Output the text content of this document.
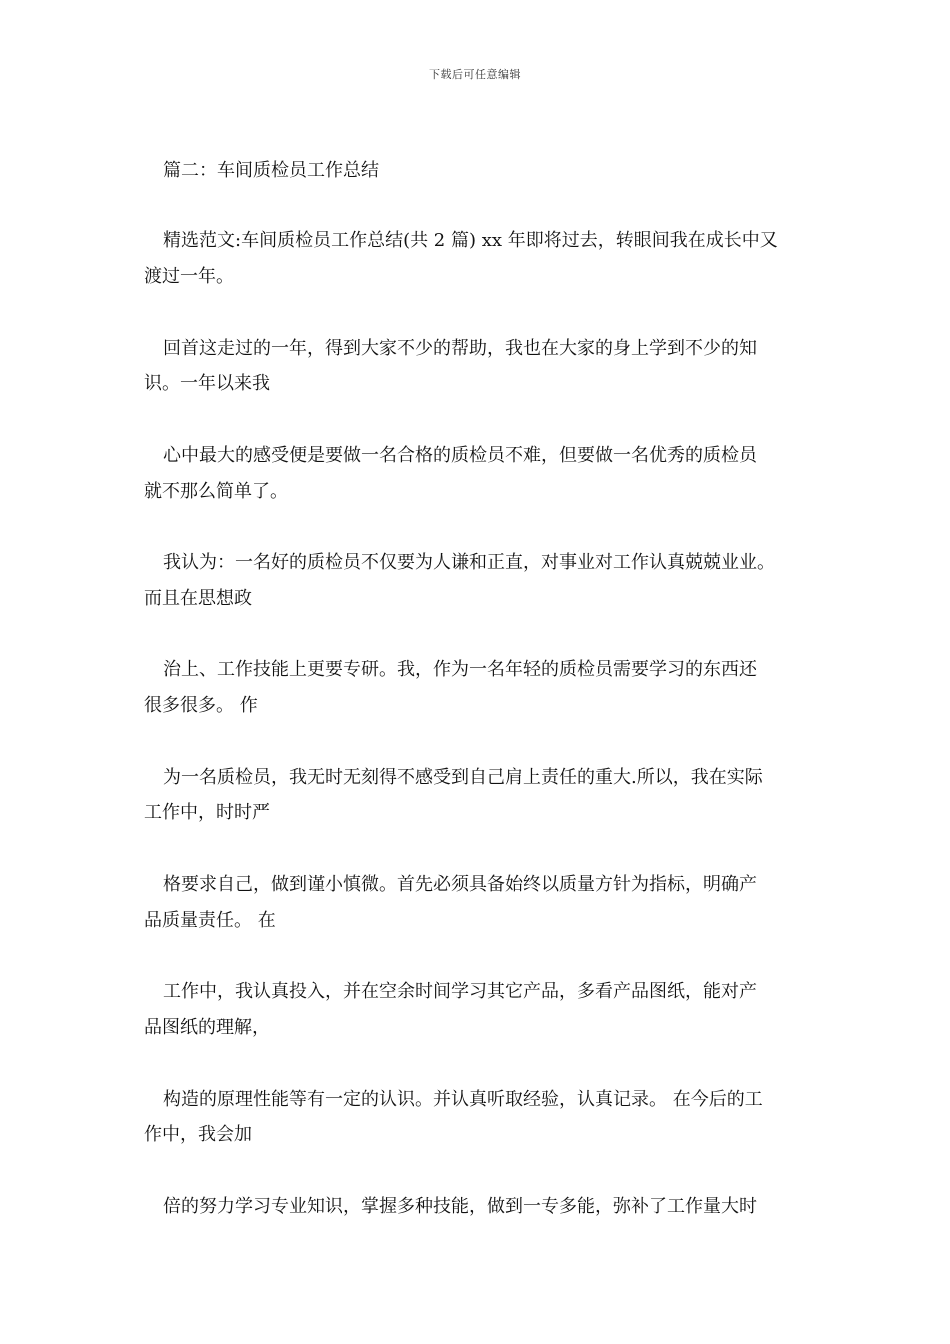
下载后可任意编辑
篇二：车间质检员工作总结
精选范文:车间质检员工作总结(共 2 篇) xx 年即将过去，转眼间我在成长中又
渡过一年。
回首这走过的一年，得到大家不少的帮助，我也在大家的身上学到不少的知
识。一年以来我
心中最大的感受便是要做一名合格的质检员不难，但要做一名优秀的质检员
就不那么简单了。
我认为：一名好的质检员不仅要为人谦和正直，对事业对工作认真兢兢业业。
而且在思想政
治上、工作技能上更要专研。我，作为一名年轻的质检员需要学习的东西还
很多很多。 作
为一名质检员，我无时无刻得不感受到自己肩上责任的重大.所以，我在实际
工作中，时时严
格要求自己，做到谨小慎微。首先必须具备始终以质量方针为指标，明确产
品质量责任。 在
工作中，我认真投入，并在空余时间学习其它产品，多看产品图纸，能对产
品图纸的理解，
构造的原理性能等有一定的认识。并认真听取经验，认真记录。 在今后的工
作中，我会加
倍的努力学习专业知识，掌握多种技能，做到一专多能，弥补了工作量大时
